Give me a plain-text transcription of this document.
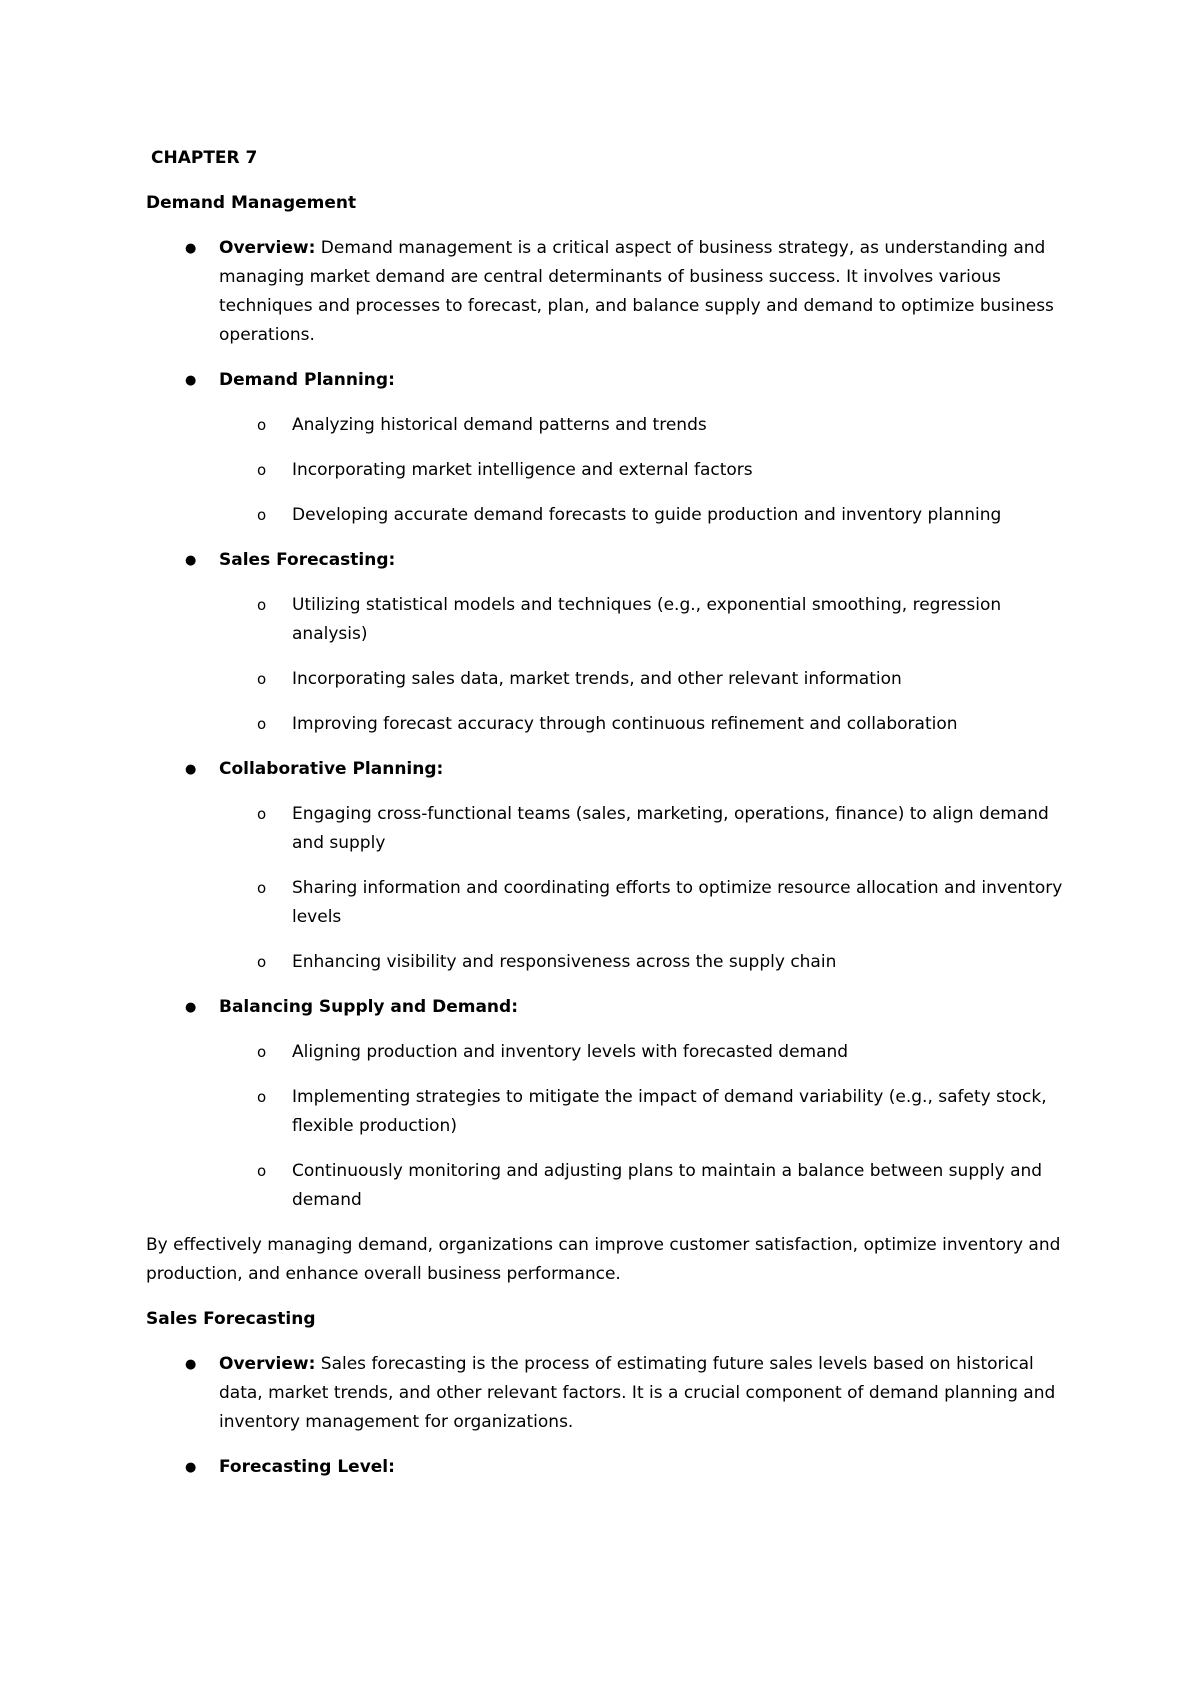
CHAPTER 7
Demand Management
● Overview: Demand management is a critical aspect of business strategy, as understanding and managing market demand are central determinants of business success. It involves various techniques and processes to forecast, plan, and balance supply and demand to optimize business operations.
● Demand Planning:
o Analyzing historical demand patterns and trends
o Incorporating market intelligence and external factors
o Developing accurate demand forecasts to guide production and inventory planning
● Sales Forecasting:
o Utilizing statistical models and techniques (e.g., exponential smoothing, regression analysis)
o Incorporating sales data, market trends, and other relevant information
o Improving forecast accuracy through continuous refinement and collaboration
● Collaborative Planning:
o Engaging cross-functional teams (sales, marketing, operations, finance) to align demand and supply
o Sharing information and coordinating efforts to optimize resource allocation and inventory levels
o Enhancing visibility and responsiveness across the supply chain
● Balancing Supply and Demand:
o Aligning production and inventory levels with forecasted demand
o Implementing strategies to mitigate the impact of demand variability (e.g., safety stock, flexible production)
o Continuously monitoring and adjusting plans to maintain a balance between supply and demand
By effectively managing demand, organizations can improve customer satisfaction, optimize inventory and production, and enhance overall business performance.
Sales Forecasting
● Overview: Sales forecasting is the process of estimating future sales levels based on historical data, market trends, and other relevant factors. It is a crucial component of demand planning and inventory management for organizations.
● Forecasting Level:
